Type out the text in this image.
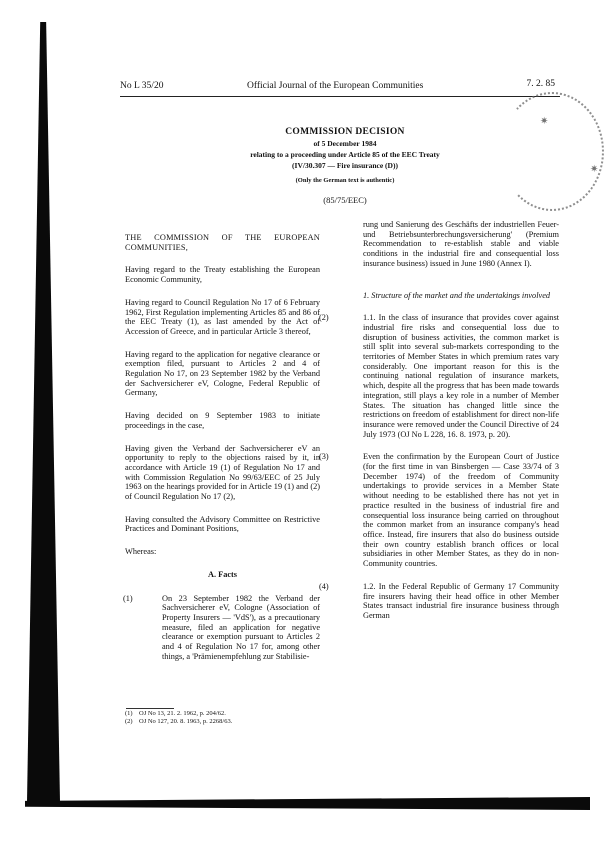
No L 35/20	Official Journal of the European Communities	7. 2. 85
✷
✷
COMMISSION DECISION
of 5 December 1984
relating to a proceeding under Article 85 of the EEC Treaty
(IV/30.307 — Fire insurance (D))
(Only the German text is authentic)
(85/75/EEC)

THE COMMISSION OF THE EUROPEAN COMMUNITIES,

Having regard to the Treaty establishing the European Economic Community,

Having regard to Council Regulation No 17 of 6 February 1962, First Regulation implementing Articles 85 and 86 of the EEC Treaty (1), as last amended by the Act of Accession of Greece, and in particular Article 3 thereof,

Having regard to the application for negative clearance or exemption filed, pursuant to Articles 2 and 4 of Regulation No 17, on 23 September 1982 by the Verband der Sachversicherer eV, Cologne, Federal Republic of Germany,

Having decided on 9 September 1983 to initiate proceedings in the case,

Having given the Verband der Sachversicherer eV an opportunity to reply to the objections raised by it, in accordance with Article 19 (1) of Regulation No 17 and with Commission Regulation No 99/63/EEC of 25 July 1963 on the hearings provided for in Article 19 (1) and (2) of Council Regulation No 17 (2),

Having consulted the Advisory Committee on Restrictive Practices and Dominant Positions,

Whereas:

A. Facts
(1)	On 23 September 1982 the Verband der Sachversicherer eV, Cologne (Association of Property Insurers — 'VdS'), as a precautionary measure, filed an application for negative clearance or exemption pursuant to Articles 2 and 4 of Regulation No 17 for, among other things, a 'Prämienempfehlung zur Stabilisie-
(1) OJ No 13, 21. 2. 1962, p. 204/62.
(2) OJ No 127, 20. 8. 1963, p. 2268/63.

rung und Sanierung des Geschäfts der industriellen Feuer- und Betriebsunterbrechungsversicherung' (Premium Recommendation to re-establish stable and viable conditions in the industrial fire and consequential loss insurance business) issued in June 1980 (Annex I).

1. Structure of the market and the undertakings involved

(2)	1.1. In the class of insurance that provides cover against industrial fire risks and consequential loss due to disruption of business activities, the common market is still split into several sub-markets corresponding to the territories of Member States in which premium rates vary considerably. One important reason for this is the continuing national regulation of insurance markets, which, despite all the progress that has been made towards integration, still plays a key role in a number of Member States. The situation has changed little since the restrictions on freedom of establishment for direct non-life insurance were removed under the Council Directive of 24 July 1973 (OJ No L 228, 16. 8. 1973, p. 20).
(3)	Even the confirmation by the European Court of Justice (for the first time in van Binsbergen — Case 33/74 of 3 December 1974) of the freedom of Community undertakings to provide services in a Member State without needing to be established there has not yet in practice resulted in the business of industrial fire and consequential loss insurance being carried on throughout the common market from an insurance company's head office. Instead, fire insurers that also do business outside their own country establish branch offices or local subsidiaries in other Member States, as they do in non-Community countries.
(4)	1.2. In the Federal Republic of Germany 17 Community fire insurers having their head office in other Member States transact industrial fire insurance business through German
